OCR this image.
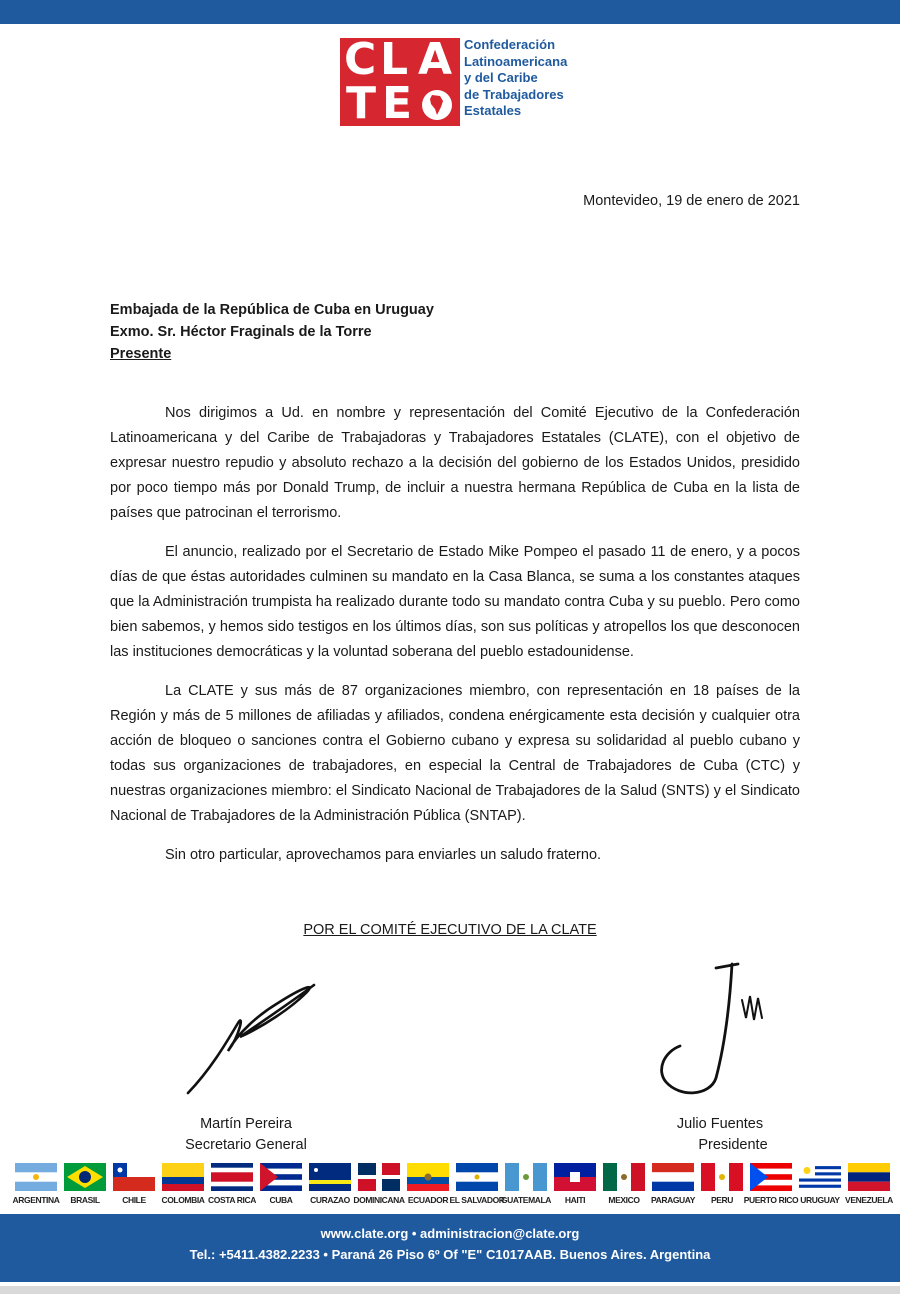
C L A
T E
Confederación
Latinoamericana
y del Caribe
de Trabajadores
Estatales
Montevideo, 19 de enero de 2021
Embajada de la República de Cuba en Uruguay
Exmo. Sr. Héctor Fraginals de la Torre
Presente

Nos dirigimos a Ud. en nombre y representación del Comité Ejecutivo de la Confederación Latinoamericana y del Caribe de Trabajadoras y Trabajadores Estatales (CLATE), con el objetivo de expresar nuestro repudio y absoluto rechazo a la decisión del gobierno de los Estados Unidos, presidido por poco tiempo más por Donald Trump, de incluir a nuestra hermana República de Cuba en la lista de países que patrocinan el terrorismo.

El anuncio, realizado por el Secretario de Estado Mike Pompeo el pasado 11 de enero, y a pocos días de que éstas autoridades culminen su mandato en la Casa Blanca, se suma a los constantes ataques que la Administración trumpista ha realizado durante todo su mandato contra Cuba y su pueblo. Pero como bien sabemos, y hemos sido testigos en los últimos días, son sus políticas y atropellos los que desconocen las instituciones democráticas y la voluntad soberana del pueblo estadounidense.

La CLATE y sus más de 87 organizaciones miembro, con representación en 18 países de la Región y más de 5 millones de afiliadas y afiliados, condena enérgicamente esta decisión y cualquier otra acción de bloqueo o sanciones contra el Gobierno cubano y expresa su solidaridad al pueblo cubano y todas sus organizaciones de trabajadores, en especial la Central de Trabajadores de Cuba (CTC) y nuestras organizaciones miembro: el Sindicato Nacional de Trabajadores de la Salud (SNTS) y el Sindicato Nacional de Trabajadores de la Administración Pública (SNTAP).

Sin otro particular, aprovechamos para enviarles un saludo fraterno.

POR EL COMITÉ EJECUTIVO DE LA CLATE
Martín Pereira
Secretario General
Julio Fuentes
Presidente
ARGENTINA	BRASIL	CHILE	COLOMBIA COSTA RICA	CUBA	CURAZAO DOMINICANA ECUADOR EL SALVADOR
GUATEMALA	HAITI	MEXICO	PARAGUAY	PERU	PUERTO RICO URUGUAY VENEZUELA
www.clate.org • administracion@clate.org
Tel.: +5411.4382.2233 • Paraná 26 Piso 6º Of "E" C1017AAB. Buenos Aires. Argentina
